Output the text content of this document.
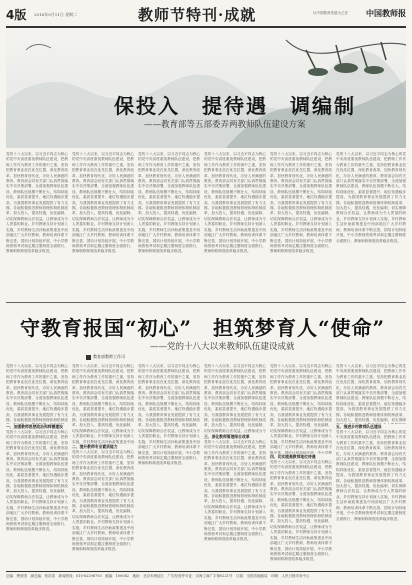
4版 2018年9月11日 星期二	教师节特刊·成就	以中国教育发展为己任 中国教师报
保投入　提待遇　调编制
——教育部等五部委弄两教师队伍建设方案
党的十八大以来，以习近平同志为核心的党中央高度重视教师队伍建设，把教师工作作为教育工作的重中之重，坚持把教育事业放在优先位置，深化教育改革，加快教育现代化，办好人民满意的教育。教育部会同有关部门认真贯彻落实中央决策部署，全面加强教师队伍建设，教师队伍规模不断壮大，结构持续优化，素质显著提升，地位待遇稳步提高，为我国教育事业发展提供了有力支撑。各地积极推进教师管理体制机制改革，加大投入，提高待遇，优化编制，切实保障教师合法权益，让教师成为令人羡慕的职业。乡村教师支持计划深入实施，乡村教师生活补助政策惠及中西部地区广大乡村教师，教师培训体系不断完善，国培计划持续开展，中小学教师资格考试和定期注册制度全面推行，教师职称制度改革稳步推进。
党的十八大以来，以习近平同志为核心的党中央高度重视教师队伍建设，把教师工作作为教育工作的重中之重，坚持把教育事业放在优先位置，深化教育改革，加快教育现代化，办好人民满意的教育。教育部会同有关部门认真贯彻落实中央决策部署，全面加强教师队伍建设，教师队伍规模不断壮大，结构持续优化，素质显著提升，地位待遇稳步提高，为我国教育事业发展提供了有力支撑。各地积极推进教师管理体制机制改革，加大投入，提高待遇，优化编制，切实保障教师合法权益，让教师成为令人羡慕的职业。乡村教师支持计划深入实施，乡村教师生活补助政策惠及中西部地区广大乡村教师，教师培训体系不断完善，国培计划持续开展，中小学教师资格考试和定期注册制度全面推行，教师职称制度改革稳步推进。
党的十八大以来，以习近平同志为核心的党中央高度重视教师队伍建设，把教师工作作为教育工作的重中之重，坚持把教育事业放在优先位置，深化教育改革，加快教育现代化，办好人民满意的教育。教育部会同有关部门认真贯彻落实中央决策部署，全面加强教师队伍建设，教师队伍规模不断壮大，结构持续优化，素质显著提升，地位待遇稳步提高，为我国教育事业发展提供了有力支撑。各地积极推进教师管理体制机制改革，加大投入，提高待遇，优化编制，切实保障教师合法权益，让教师成为令人羡慕的职业。乡村教师支持计划深入实施，乡村教师生活补助政策惠及中西部地区广大乡村教师，教师培训体系不断完善，国培计划持续开展，中小学教师资格考试和定期注册制度全面推行，教师职称制度改革稳步推进。
党的十八大以来，以习近平同志为核心的党中央高度重视教师队伍建设，把教师工作作为教育工作的重中之重，坚持把教育事业放在优先位置，深化教育改革，加快教育现代化，办好人民满意的教育。教育部会同有关部门认真贯彻落实中央决策部署，全面加强教师队伍建设，教师队伍规模不断壮大，结构持续优化，素质显著提升，地位待遇稳步提高，为我国教育事业发展提供了有力支撑。各地积极推进教师管理体制机制改革，加大投入，提高待遇，优化编制，切实保障教师合法权益，让教师成为令人羡慕的职业。乡村教师支持计划深入实施，乡村教师生活补助政策惠及中西部地区广大乡村教师，教师培训体系不断完善，国培计划持续开展，中小学教师资格考试和定期注册制度全面推行，教师职称制度改革稳步推进。
党的十八大以来，以习近平同志为核心的党中央高度重视教师队伍建设，把教师工作作为教育工作的重中之重，坚持把教育事业放在优先位置，深化教育改革，加快教育现代化，办好人民满意的教育。教育部会同有关部门认真贯彻落实中央决策部署，全面加强教师队伍建设，教师队伍规模不断壮大，结构持续优化，素质显著提升，地位待遇稳步提高，为我国教育事业发展提供了有力支撑。各地积极推进教师管理体制机制改革，加大投入，提高待遇，优化编制，切实保障教师合法权益，让教师成为令人羡慕的职业。乡村教师支持计划深入实施，乡村教师生活补助政策惠及中西部地区广大乡村教师，教师培训体系不断完善，国培计划持续开展，中小学教师资格考试和定期注册制度全面推行，教师职称制度改革稳步推进。
党的十八大以来，以习近平同志为核心的党中央高度重视教师队伍建设，把教师工作作为教育工作的重中之重，坚持把教育事业放在优先位置，深化教育改革，加快教育现代化，办好人民满意的教育。教育部会同有关部门认真贯彻落实中央决策部署，全面加强教师队伍建设，教师队伍规模不断壮大，结构持续优化，素质显著提升，地位待遇稳步提高，为我国教育事业发展提供了有力支撑。各地积极推进教师管理体制机制改革，加大投入，提高待遇，优化编制，切实保障教师合法权益，让教师成为令人羡慕的职业。乡村教师支持计划深入实施，乡村教师生活补助政策惠及中西部地区广大乡村教师，教师培训体系不断完善，国培计划持续开展，中小学教师资格考试和定期注册制度全面推行，教师职称制度改革稳步推进。
守教育报国“初心”　担筑梦育人“使命”
——党的十八大以来教师队伍建设成就
教育部教师工作司
党的十八大以来，以习近平同志为核心的党中央高度重视教师队伍建设，把教师工作作为教育工作的重中之重，坚持把教育事业放在优先位置，深化教育改革，加快教育现代化，办好人民满意的教育。教育部会同有关部门认真贯彻落实中央决策部署，全面加强教师队伍建设，教师队伍规模不断壮大，结构持续优化，素质显著提升，地位待遇稳步提高，为我国教育事业发展提供了有力支撑。各地积极推进教师管理体制机制改
一、加强教师思想政治和师德建设
党的十八大以来，以习近平同志为核心的党中央高度重视教师队伍建设，把教师工作作为教育工作的重中之重，坚持把教育事业放在优先位置，深化教育改革，加快教育现代化，办好人民满意的教育。教育部会同有关部门认真贯彻落实中央决策部署，全面加强教师队伍建设，教师队伍规模不断壮大，结构持续优化，素质显著提升，地位待遇稳步提高，为我国教育事业发展提供了有力支撑。各地积极推进教师管理体制机制改革，加大投入，提高待遇，优化编制，切实保障教师合法权益，让教师成为令人羡慕的职业。乡村教师支持计划深入实施，乡村教师生活补助政策惠及中西部地区广大乡村教师，教师培训体系不断完善，国培计划持续开展，中小学教师资格考试和定期注册制度全面推行，教师职称制度改革稳步推进。
党的十八大以来，以习近平同志为核心的党中央高度重视教师队伍建设，把教师工作作为教育工作的重中之重，坚持把教育事业放在优先位置，深化教育改革，加快教育现代化，办好人民满意的教育。教育部会同有关部门认真贯彻落实中央决策部署，全面加强教师队伍建设，教师队伍规模不断壮大，结构持续优化，素质显著提升，地位待遇稳步提高，为我国教育事业发展提供了有力支撑。各地积极推进教师管理体制机制改革，加大投入，提高待遇，优化编制，切实保障教师合法权益，让教师成为令人羡慕的职业。乡村教师支持计划深入实施，乡村教师生活补助政策惠及中西
二、提升教师专业素质能力
党的十八大以来，以习近平同志为核心的党中央高度重视教师队伍建设，把教师工作作为教育工作的重中之重，坚持把教育事业放在优先位置，深化教育改革，加快教育现代化，办好人民满意的教育。教育部会同有关部门认真贯彻落实中央决策部署，全面加强教师队伍建设，教师队伍规模不断壮大，结构持续优化，素质显著提升，地位待遇稳步提高，为我国教育事业发展提供了有力支撑。各地积极推进教师管理体制机制改革，加大投入，提高待遇，优化编制，切实保障教师合法权益，让教师成为令人羡慕的职业。乡村教师支持计划深入实施，乡村教师生活补助政策惠及中西部地区广大乡村教师，教师培训体系不断完善，国培计划持续开展，中小学教师资格考试和定期注册制度全面推行，教师职称制度改革稳步推进。
党的十八大以来，以习近平同志为核心的党中央高度重视教师队伍建设，把教师工作作为教育工作的重中之重，坚持把教育事业放在优先位置，深化教育改革，加快教育现代化，办好人民满意的教育。教育部会同有关部门认真贯彻落实中央决策部署，全面加强教师队伍建设，教师队伍规模不断壮大，结构持续优化，素质显著提升，地位待遇稳步提高，为我国教育事业发展提供了有力支撑。各地积极推进教师管理体制机制改革，加大投入，提高待遇，优化编制，切实保障教师合法权益，让教师成为令人羡慕的职业。乡村教师支持计划深入实施，乡村教师生活补助政策惠及中西部地区广大乡村教师，教师培训体系不断完善，国培计划持续开展，中小学教师资格考试和定期注册制度全面推行，教师职称制度改革稳步推进。
党的十八大以来，以习近平同志为核心的党中央高度重视教师队伍建设，把教师工作作为教育工作的重中之重，坚持把教育事业放在优先位置，深化教育改革，加快教育现代化，办好人民满意的教育。教育部会同有关部门认真贯彻落实中央决策部署，全面加强教师队伍建设，教师队伍规模不断壮大，结构持续优化，素质显著提升，地位待遇稳步提高，为我国教育事业发展提供了有力支撑。各地积极推进教师管理体制机制改革，加大投入，提高待遇，优化编制，切实保障教师合法权益，让教师成为令
三、深化教师管理综合改革
党的十八大以来，以习近平同志为核心的党中央高度重视教师队伍建设，把教师工作作为教育工作的重中之重，坚持把教育事业放在优先位置，深化教育改革，加快教育现代化，办好人民满意的教育。教育部会同有关部门认真贯彻落实中央决策部署，全面加强教师队伍建设，教师队伍规模不断壮大，结构持续优化，素质显著提升，地位待遇稳步提高，为我国教育事业发展提供了有力支撑。各地积极推进教师管理体制机制改革，加大投入，提高待遇，优化编制，切实保障教师合法权益，让教师成为令人羡慕的职业。乡村教师支持计划深入实施，乡村教师生活补助政策惠及中西部地区广大乡村教师，教师培训体系不断完善，国培计划持续开展，中小学教师资格考试和定期注册制度全面推行，教师职称制度改革稳步推进。
党的十八大以来，以习近平同志为核心的党中央高度重视教师队伍建设，把教师工作作为教育工作的重中之重，坚持把教育事业放在优先位置，深化教育改革，加快教育现代化，办好人民满意的教育。教育部会同有关部门认真贯彻落实中央决策部署，全面加强教师队伍建设，教师队伍规模不断壮大，结构持续优化，素质显著提升，地位待遇稳步提高，为我国教育事业发展提供了有力支撑。各地积极推进教师管理体制机制改革，加大投入，提高待遇，优化编制，切实保障教师合法权益，让教师成为令人羡慕的职业。乡村教师支持计划深入实施，乡村教师生活补助政策惠及中西部地区广大乡村教师，教师培训体系不断完善，国培计划持续开展，中小学教
四、切实提高教师地位待遇
党的十八大以来，以习近平同志为核心的党中央高度重视教师队伍建设，把教师工作作为教育工作的重中之重，坚持把教育事业放在优先位置，深化教育改革，加快教育现代化，办好人民满意的教育。教育部会同有关部门认真贯彻落实中央决策部署，全面加强教师队伍建设，教师队伍规模不断壮大，结构持续优化，素质显著提升，地位待遇稳步提高，为我国教育事业发展提供了有力支撑。各地积极推进教师管理体制机制改革，加大投入，提高待遇，优化编制，切实保障教师合法权益，让教师成为令人羡慕的职业。乡村教师支持计划深入实施，乡村教师生活补助政策惠及中西部地区广大乡村教师，教师培训体系不断完善，国培计划持续开展，中小学教师资格考试和定期注册制度全面推行，教师职称制度改革稳步推进。
党的十八大以来，以习近平同志为核心的党中央高度重视教师队伍建设，把教师工作作为教育工作的重中之重，坚持把教育事业放在优先位置，深化教育改革，加快教育现代化，办好人民满意的教育。教育部会同有关部门认真贯彻落实中央决策部署，全面加强教师队伍建设，教师队伍规模不断壮大，结构持续优化，素质显著提升，地位待遇稳步提高，为我国教育事业发展提供了有力支撑。各地积极推进教师管理体制机制改革，加大投入，提高待遇，优化编制，切实保障
五、推进乡村教师队伍建设
党的十八大以来，以习近平同志为核心的党中央高度重视教师队伍建设，把教师工作作为教育工作的重中之重，坚持把教育事业放在优先位置，深化教育改革，加快教育现代化，办好人民满意的教育。教育部会同有关部门认真贯彻落实中央决策部署，全面加强教师队伍建设，教师队伍规模不断壮大，结构持续优化，素质显著提升，地位待遇稳步提高，为我国教育事业发展提供了有力支撑。各地积极推进教师管理体制机制改革，加大投入，提高待遇，优化编制，切实保障教师合法权益，让教师成为令人羡慕的职业。乡村教师支持计划深入实施，乡村教师生活补助政策惠及中西部地区广大乡村教师，教师培训体系不断完善，国培计划持续开展，中小学教师资格考试和定期注册制度全面推行，教师职称制度改革稳步推进。
总编：樊爱国　副总编：张洪清　新闻热线：010-82296793　邮编：100082　地址：北京市海淀区　广告经营许可证：京海工商广字第0221号　订阅：全国各地邮局　印刷：人民日报印务中心
